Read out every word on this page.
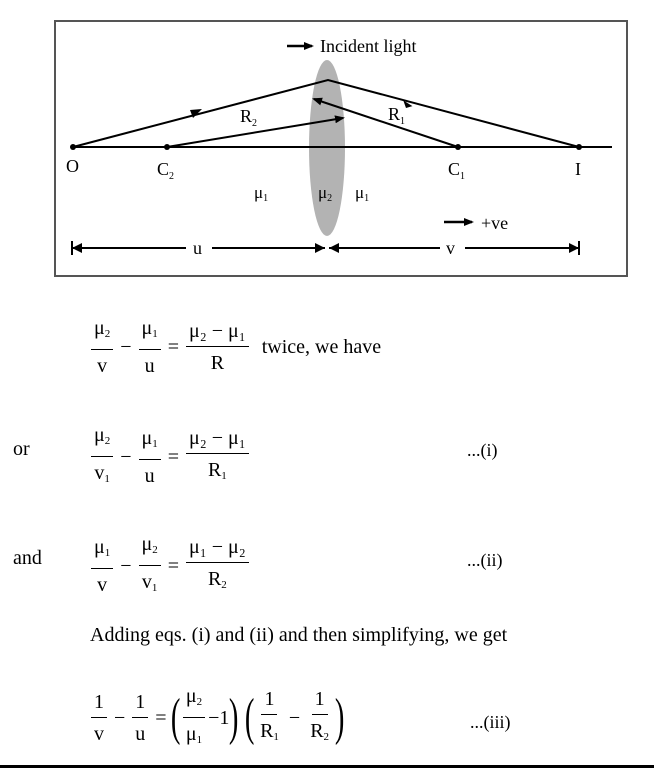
Incident light
O	$C_2$	$C_1$	I
$R_2$	$R_1$
μ1	μ2 μ1
+ve
u	v
$\frac{\mu_2}{v} - \frac{\mu_1}{u} = \frac{\text{μ₂ − μ₁}}{R}$ twice, we have
or	$\frac{\mu_2}{v_1} - \frac{\mu_1}{u} = \frac{\text{μ₂ − μ₁}}{R_1}$	...(i)
and $\frac{\mu_1}{v} - \frac{\mu_2}{v_1} = \frac{\text{μ₁ − μ₂}}{R_2}$	...(ii)
Adding eqs. (i) and (ii) and then simplifying, we get
$\frac{1}{v} - \frac{1}{u}$ = ( $\frac{\mu_2}{\mu_1} -1$ ) ( $\frac{1}{R_1} - \frac{1}{R_2}$ )	...(iii)
